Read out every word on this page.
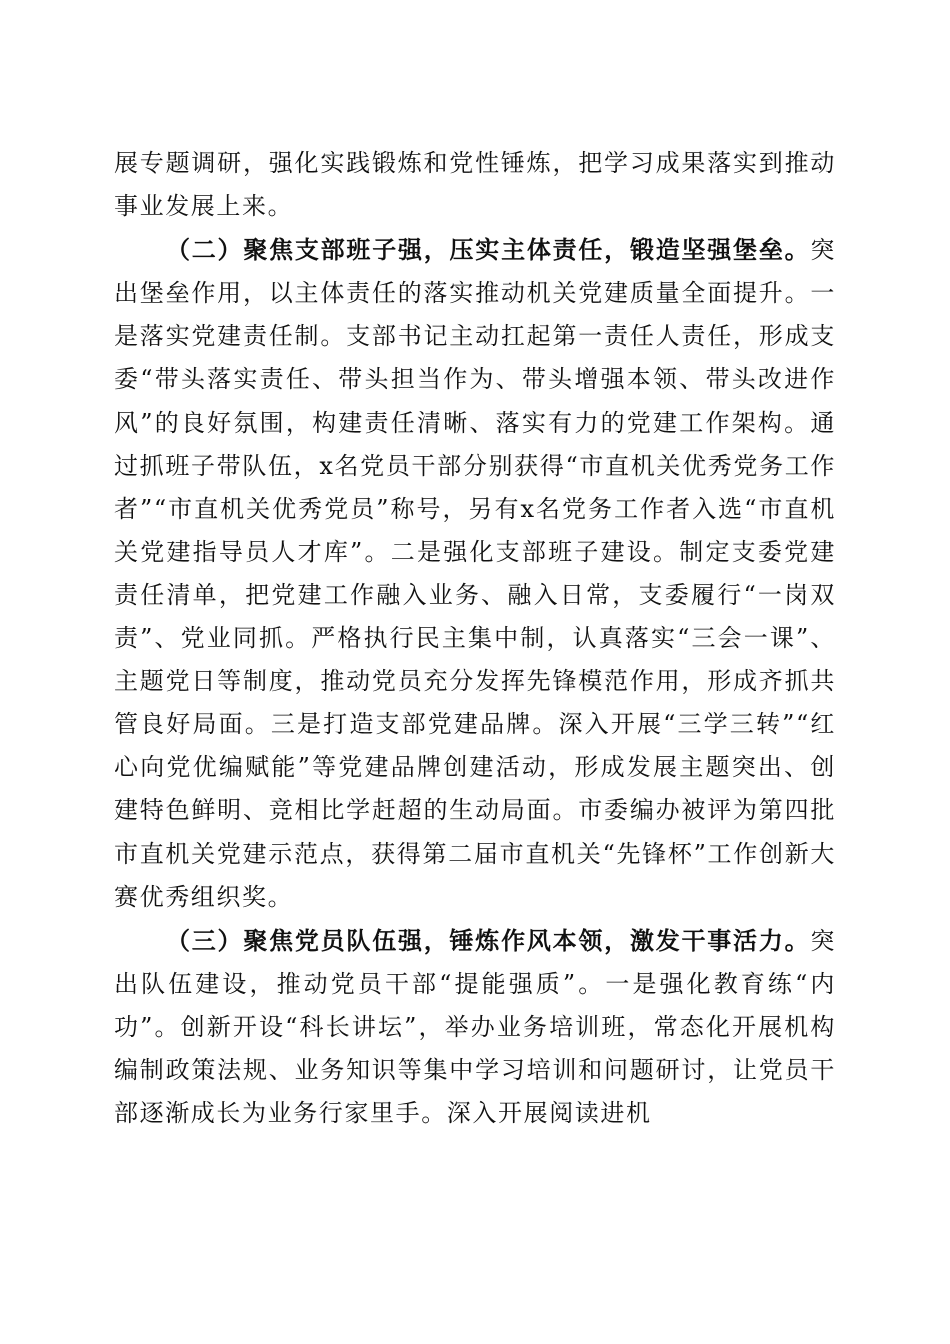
展专题调研，强化实践锻炼和党性锤炼，把学习成果落实到推动事业发展上来。

（二）聚焦支部班子强，压实主体责任，锻造坚强堡垒。突出堡垒作用，以主体责任的落实推动机关党建质量全面提升。一是落实党建责任制。支部书记主动扛起第一责任人责任，形成支委“带头落实责任、带头担当作为、带头增强本领、带头改进作风”的良好氛围，构建责任清晰、落实有力的党建工作架构。通过抓班子带队伍，x名党员干部分别获得“市直机关优秀党务工作者”“市直机关优秀党员”称号，另有x名党务工作者入选“市直机关党建指导员人才库”。二是强化支部班子建设。制定支委党建责任清单，把党建工作融入业务、融入日常，支委履行“一岗双责”、党业同抓。严格执行民主集中制，认真落实“三会一课”、主题党日等制度，推动党员充分发挥先锋模范作用，形成齐抓共管良好局面。三是打造支部党建品牌。深入开展“三学三转”“红心向党优编赋能”等党建品牌创建活动，形成发展主题突出、创建特色鲜明、竞相比学赶超的生动局面。市委编办被评为第四批市直机关党建示范点，获得第二届市直机关“先锋杯”工作创新大赛优秀组织奖。

（三）聚焦党员队伍强，锤炼作风本领，激发干事活力。突出队伍建设，推动党员干部“提能强质”。一是强化教育练“内功”。创新开设“科长讲坛”，举办业务培训班，常态化开展机构编制政策法规、业务知识等集中学习培训和问题研讨，让党员干部逐渐成长为业务行家里手。深入开展阅读进机
